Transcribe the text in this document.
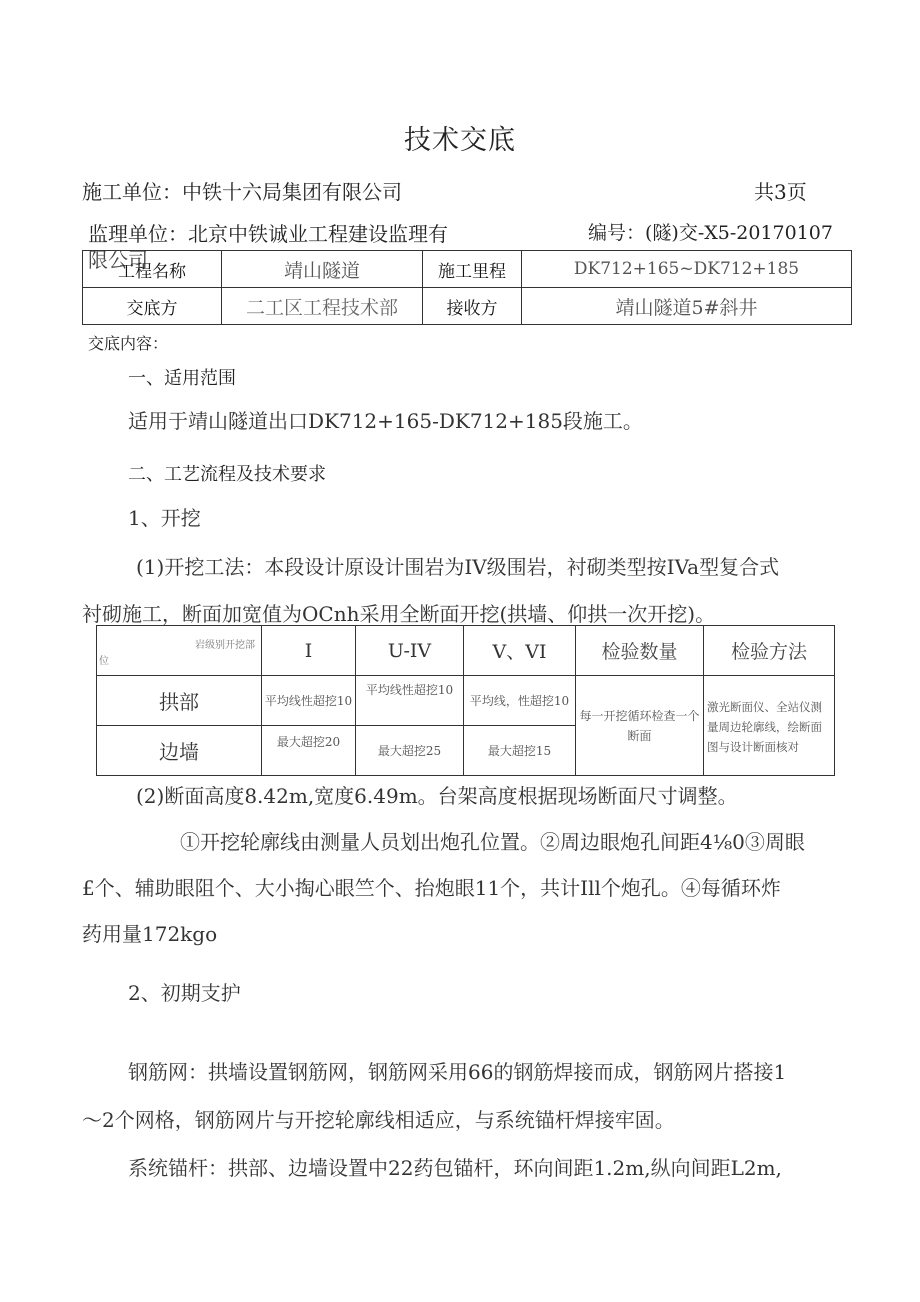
技术交底
施工单位：中铁十六局集团有限公司	共3页
监理单位：北京中铁诚业工程建设监理有
限公司
编号：(隧)交-X5-20170107
工程名称	靖山隧道	施工里程	DK712+165~DK712+185
交底方	二工区工程技术部	接收方	靖山隧道5#斜井
交底内容：
一、适用范围
适用于靖山隧道出口DK712+165-DK712+185段施工。
二、工艺流程及技术要求
1、开挖
(1)开挖工法：本段设计原设计围岩为IV级围岩，衬砌类型按IVa型复合式
衬砌施工，断面加宽值为OCnh采用全断面开挖(拱墙、仰拱一次开挖)。
岩级别开挖部
位	I	U-IV	V、VI	检验数量	检验方法
拱部	平均线性超挖10	平均线性超挖10	平均线，性超挖10	每一开挖循环检查一个断面	激光断面仪、全站仪测量周边轮廓线，绘断面图与设计断面核对
边墙	最大超挖20	最大超挖25	最大超挖15		
(2)断面高度8.42m,宽度6.49m。台架高度根据现场断面尺寸调整。
①开挖轮廓线由测量人员划出炮孔位置。②周边眼炮孔间距4⅛0③周眼
£个、辅助眼阻个、大小掏心眼竺个、抬炮眼11个，共计Ill个炮孔。④每循环炸
药用量172kgo
2、初期支护
钢筋网：拱墙设置钢筋网，钢筋网采用66的钢筋焊接而成，钢筋网片搭接1
～2个网格，钢筋网片与开挖轮廓线相适应，与系统锚杆焊接牢固。
系统锚杆：拱部、边墙设置中22药包锚杆，环向间距1.2m,纵向间距L2m,
